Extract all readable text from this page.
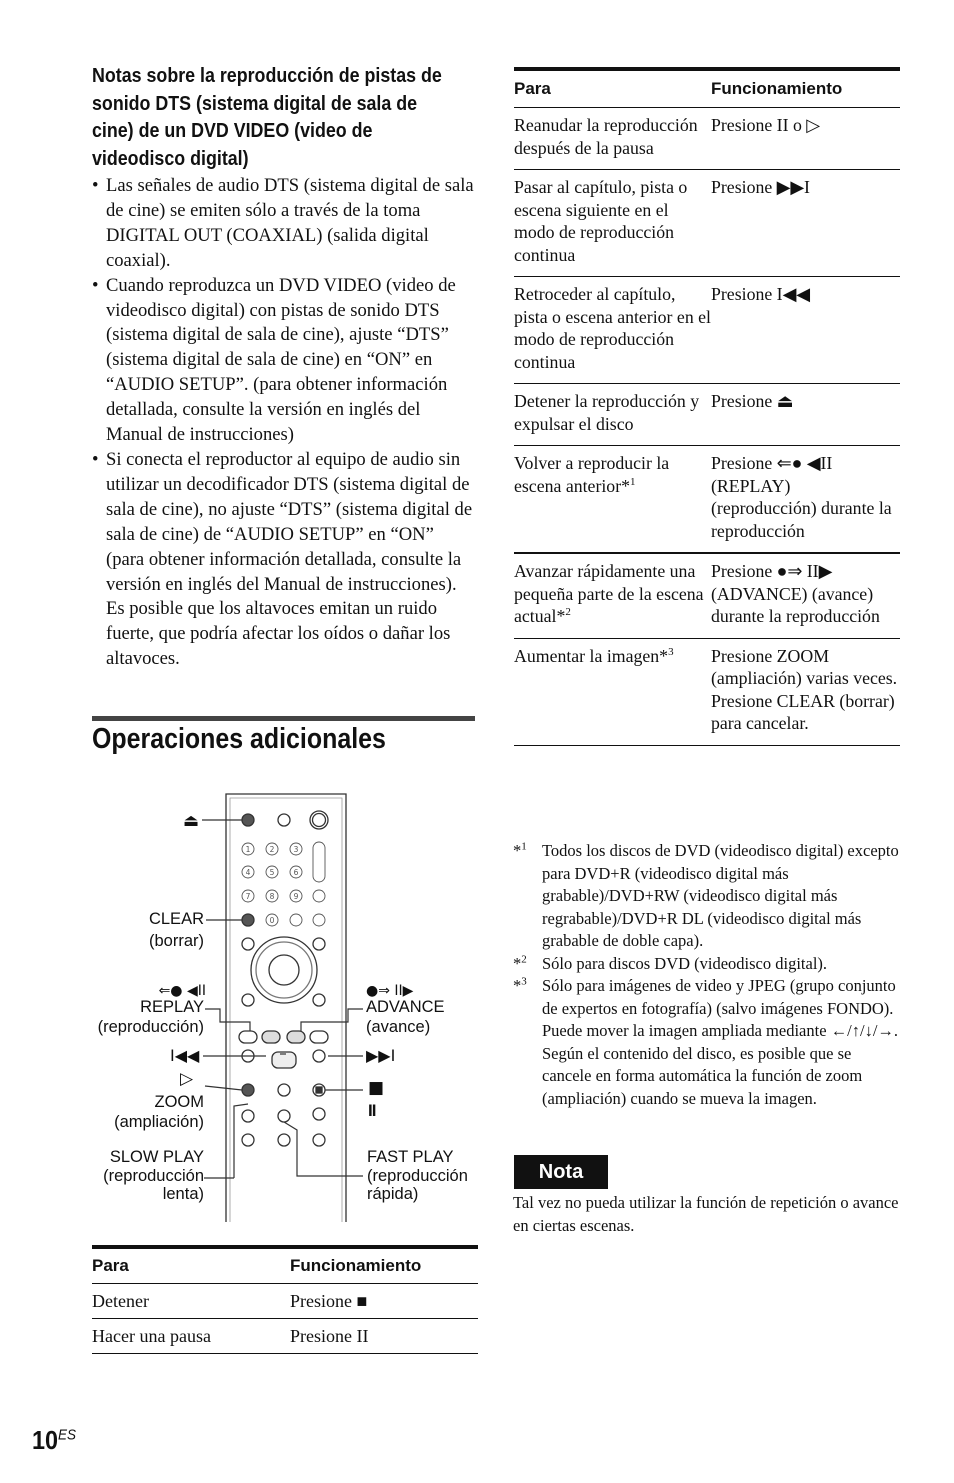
Notas sobre la reproducción de pistas de sonido DTS (sistema digital de sala de cine) de un DVD VIDEO (video de videodisco digital)
• Las señales de audio DTS (sistema digital de sala de cine) se emiten sólo a través de la toma DIGITAL OUT (COAXIAL) (salida digital coaxial).
• Cuando reproduzca un DVD VIDEO (video de videodisco digital) con pistas de sonido DTS (sistema digital de sala de cine), ajuste “DTS” (sistema digital de sala de cine) en “ON” en “AUDIO SETUP”. (para obtener información detallada, consulte la versión en inglés del Manual de instrucciones)
• Si conecta el reproductor al equipo de audio sin utilizar un decodificador DTS (sistema digital de sala de cine), no ajuste “DTS” (sistema digital de sala de cine) de “AUDIO SETUP” en “ON” (para obtener información detallada, consulte la versión en inglés del Manual de instrucciones). Es posible que los altavoces emitan un ruido fuerte, que podría afectar los oídos o dañar los altavoces.
Operaciones adicionales
1	2	3
4	5	6
7	8	9
0
⏏
CLEAR
(borrar)
⇐● ◀II
REPLAY
(reproducción)
I◀◀
▷
ZOOM
(ampliación)
SLOW PLAY
(reproducción
lenta)
●⇒ II▶
ADVANCE
(avance)
▶▶I
■
II
FAST PLAY
(reproducción
rápida)
Para	Funcionamiento
Detener	Presione ■
Hacer una pausa	Presione II
Para	Funcionamiento
Reanudar la reproducción después de la pausa	Presione II o ▷
Pasar al capítulo, pista o escena siguiente en el modo de reproducción continua	Presione ▶▶I
Retroceder al capítulo, pista o escena anterior en el modo de reproducción continua	Presione I◀◀
Detener la reproducción y expulsar el disco	Presione ⏏
Volver a reproducir la escena anterior*$^1$	Presione ⇐● ◀II (REPLAY) (reproducción) durante la reproducción
Avanzar rápidamente una pequeña parte de la escena actual*$^2$	Presione ●⇒ II▶ (ADVANCE) (avance) durante la reproducción
Aumentar la imagen*$^3$	Presione ZOOM (ampliación) varias veces. Presione CLEAR (borrar) para cancelar.
*$^1$ Todos los discos de DVD (videodisco digital) excepto para DVD+R (videodisco digital más grabable)/DVD+RW (videodisco digital más regrabable)/DVD+R DL (videodisco digital más grabable de doble capa).
*$^2$ Sólo para discos DVD (videodisco digital).
*$^3$ Sólo para imágenes de video y JPEG (grupo conjunto de expertos en fotografía) (salvo imágenes FONDO). Puede mover la imagen ampliada mediante ←/↑/↓/→. Según el contenido del disco, es posible que se cancele en forma automática la función de zoom (ampliación) cuando se mueva la imagen.
Nota
Tal vez no pueda utilizar la función de repetición o avance en ciertas escenas.
$10^{ES}$
